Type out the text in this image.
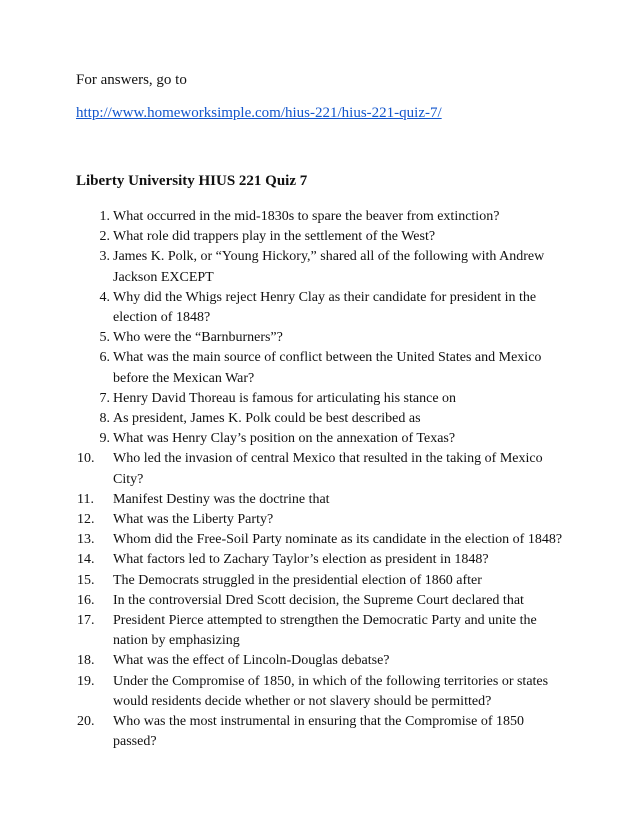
For answers, go to
http://www.homeworksimple.com/hius-221/hius-221-quiz-7/
Liberty University HIUS 221 Quiz 7
1. What occurred in the mid-1830s to spare the beaver from extinction?
2. What role did trappers play in the settlement of the West?
3. James K. Polk, or “Young Hickory,” shared all of the following with Andrew Jackson EXCEPT
4. Why did the Whigs reject Henry Clay as their candidate for president in the election of 1848?
5. Who were the “Barnburners”?
6. What was the main source of conflict between the United States and Mexico before the Mexican War?
7. Henry David Thoreau is famous for articulating his stance on
8. As president, James K. Polk could be best described as
9. What was Henry Clay’s position on the annexation of Texas?
10.	Who led the invasion of central Mexico that resulted in the taking of Mexico City?
11.	Manifest Destiny was the doctrine that
12.	What was the Liberty Party?
13.	Whom did the Free-Soil Party nominate as its candidate in the election of 1848?
14.	What factors led to Zachary Taylor’s election as president in 1848?
15.	The Democrats struggled in the presidential election of 1860 after
16.	In the controversial Dred Scott decision, the Supreme Court declared that
17.	President Pierce attempted to strengthen the Democratic Party and unite the nation by emphasizing
18.	What was the effect of Lincoln-Douglas debatse?
19.	Under the Compromise of 1850, in which of the following territories or states would residents decide whether or not slavery should be permitted?
20.	Who was the most instrumental in ensuring that the Compromise of 1850 passed?
